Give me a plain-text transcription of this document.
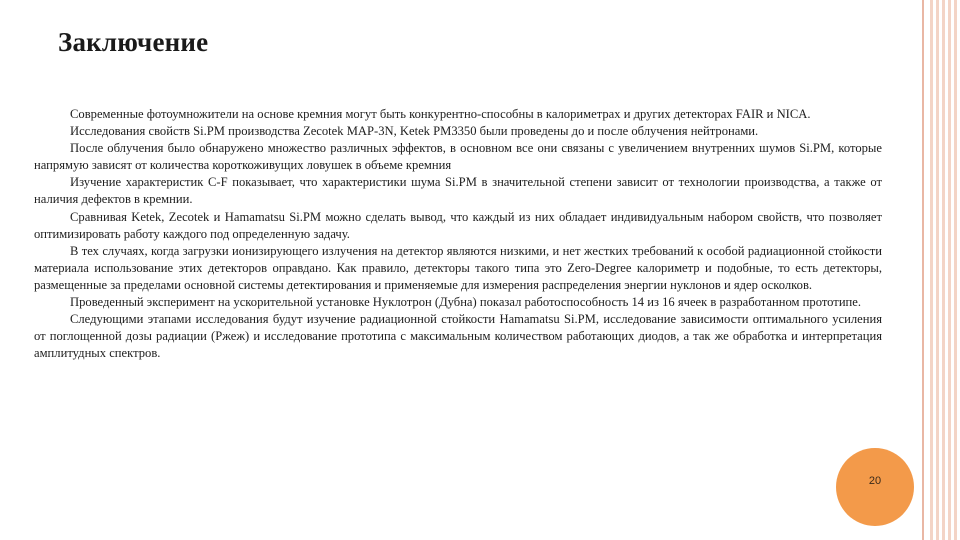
Заключение

Современные фотоумножители на основе кремния могут быть конкурентно-способны в калориметрах и других детекторах FAIR и NICA.

Исследования свойств Si.PM производства Zecotek MAP-3N, Ketek PM3350 были проведены до и после облучения нейтронами.

После облучения было обнаружено множество различных эффектов, в основном все они связаны с увеличением внутренних шумов Si.PM, которые напрямую зависят от количества короткоживущих ловушек в объеме кремния

Изучение характеристик C-F показывает, что характеристики шума Si.PM в значительной степени зависит от технологии производства, а также от наличия дефектов в кремнии.

Сравнивая Ketek, Zecotek и Hamamatsu Si.PM можно сделать вывод, что каждый из них обладает индивидуальным набором свойств, что позволяет оптимизировать работу каждого под определенную задачу.

В тех случаях, когда загрузки ионизирующего излучения на детектор являются низкими, и нет жестких требований к особой радиационной стойкости материала использование этих детекторов оправдано. Как правило, детекторы такого типа это Zero-Degree калориметр и подобные, то есть детекторы, размещенные за пределами основной системы детектирования и применяемые для измерения распределения энергии нуклонов и ядер осколков.

Проведенный эксперимент на ускорительной установке Нуклотрон (Дубна) показал работоспособность 14 из 16 ячеек в разработанном прототипе.

Следующими этапами исследования будут изучение радиационной стойкости Hamamatsu Si.PM, исследование зависимости оптимального усиления от поглощенной дозы радиации (Ржеж) и исследование прототипа с максимальным количеством работающих диодов, а так же обработка и интерпретация амплитудных спектров.

20
